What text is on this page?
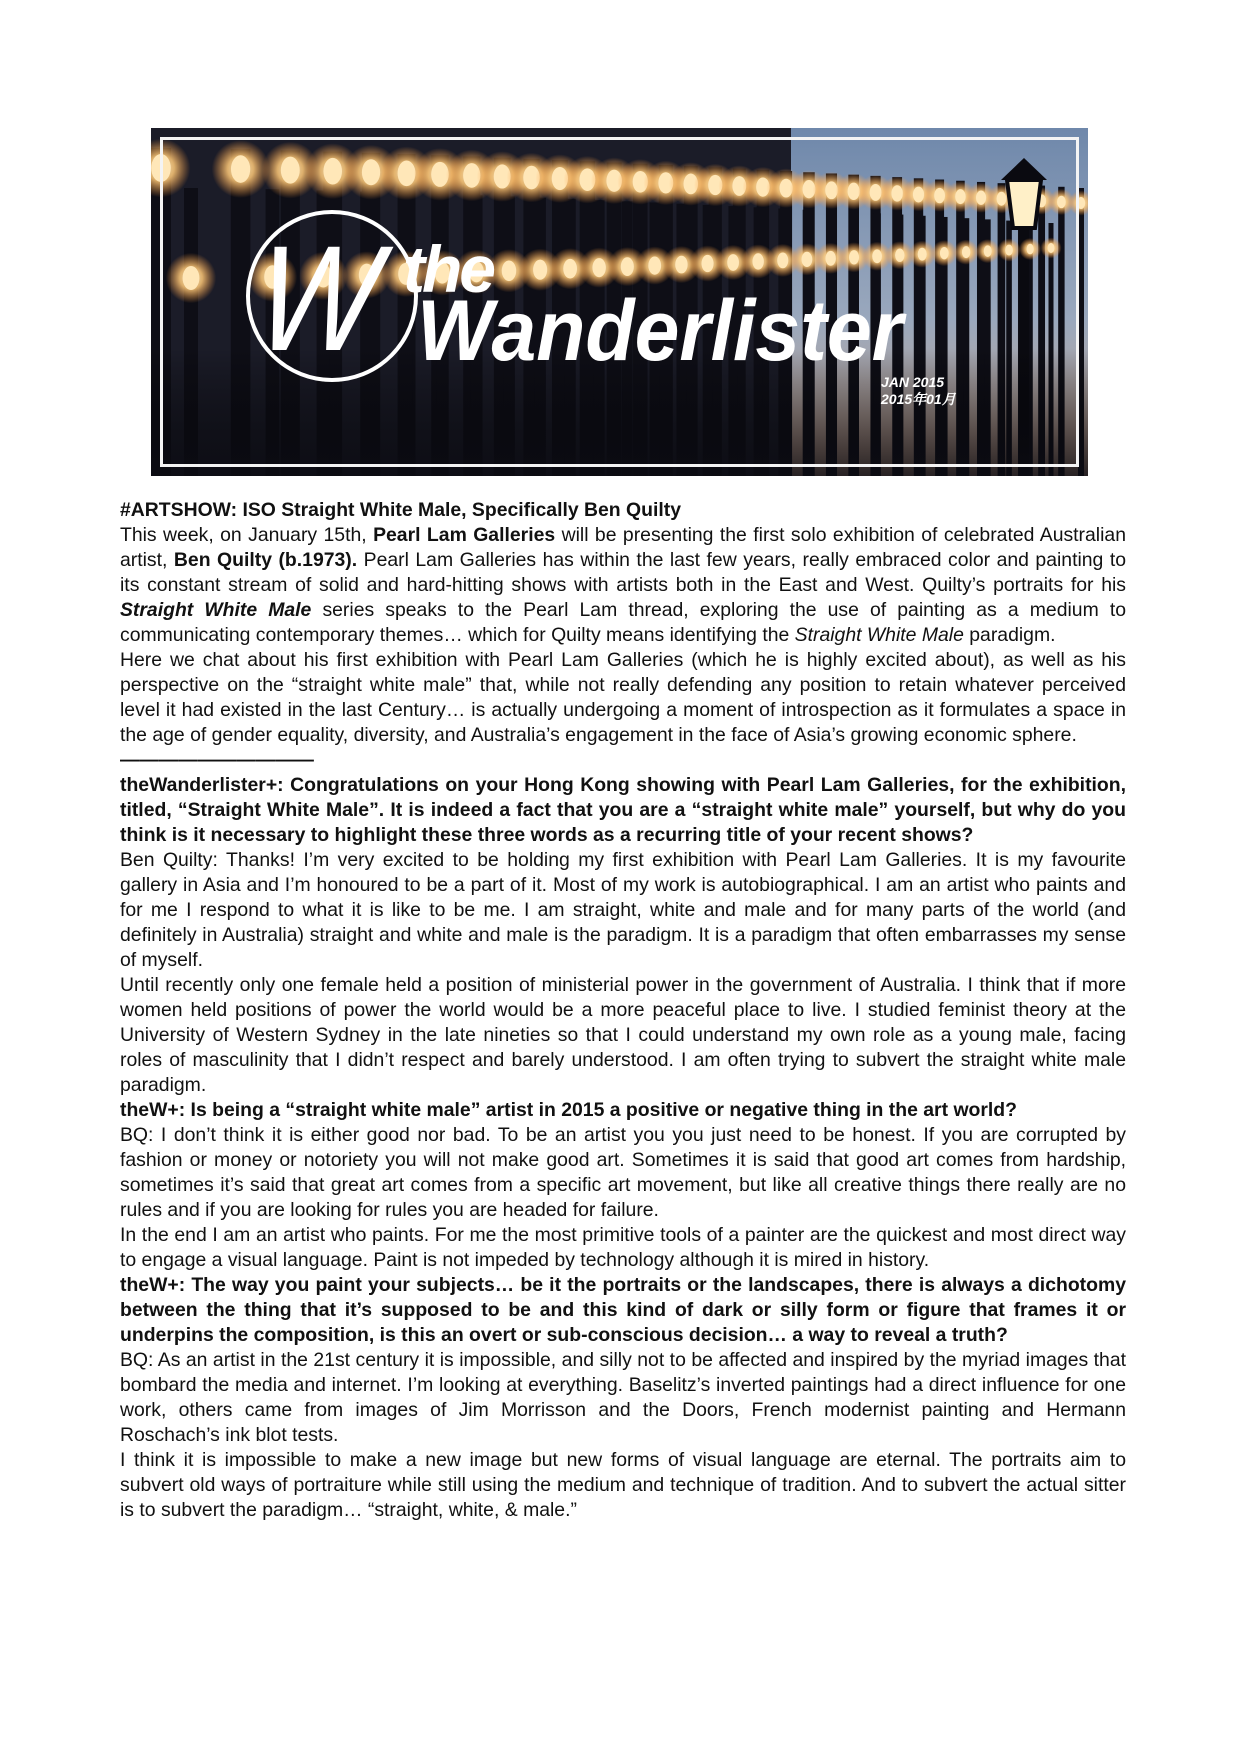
W
the
Wanderlister
JAN 2015
2015年01月

#ARTSHOW: ISO Straight White Male, Specifically Ben Quilty

This week, on January 15th, Pearl Lam Galleries will be presenting the first solo exhibition of celebrated Australian artist, Ben Quilty (b.1973). Pearl Lam Galleries has within the last few years, really embraced color and painting to its constant stream of solid and hard-hitting shows with artists both in the East and West. Quilty’s portraits for his Straight White Male series speaks to the Pearl Lam thread, exploring the use of painting as a medium to communicating contemporary themes… which for Quilty means identifying the Straight White Male paradigm.

Here we chat about his first exhibition with Pearl Lam Galleries (which he is highly excited about), as well as his perspective on the “straight white male” that, while not really defending any position to retain whatever perceived level it had existed in the last Century… is actually undergoing a moment of introspection as it formulates a space in the age of gender equality, diversity, and Australia’s engagement in the face of Asia’s growing economic sphere.

——————————

theWanderlister+: Congratulations on your Hong Kong showing with Pearl Lam Galleries, for the exhibition, titled, “Straight White Male”. It is indeed a fact that you are a “straight white male” yourself, but why do you think is it necessary to highlight these three words as a recurring title of your recent shows?

Ben Quilty: Thanks! I’m very excited to be holding my first exhibition with Pearl Lam Galleries. It is my favourite gallery in Asia and I’m honoured to be a part of it. Most of my work is autobiographical. I am an artist who paints and for me I respond to what it is like to be me. I am straight, white and male and for many parts of the world (and definitely in Australia) straight and white and male is the paradigm. It is a paradigm that often embarrasses my sense of myself.

Until recently only one female held a position of ministerial power in the government of Australia. I think that if more women held positions of power the world would be a more peaceful place to live. I studied feminist theory at the University of Western Sydney in the late nineties so that I could understand my own role as a young male, facing roles of masculinity that I didn’t respect and barely understood. I am often trying to subvert the straight white male paradigm.

theW+: Is being a “straight white male” artist in 2015 a positive or negative thing in the art world?

BQ: I don’t think it is either good nor bad. To be an artist you you just need to be honest. If you are corrupted by fashion or money or notoriety you will not make good art. Sometimes it is said that good art comes from hardship, sometimes it’s said that great art comes from a specific art movement, but like all creative things there really are no rules and if you are looking for rules you are headed for failure.

In the end I am an artist who paints. For me the most primitive tools of a painter are the quickest and most direct way to engage a visual language. Paint is not impeded by technology although it is mired in history.

theW+: The way you paint your subjects… be it the portraits or the landscapes, there is always a dichotomy between the thing that it’s supposed to be and this kind of dark or silly form or figure that frames it or underpins the composition, is this an overt or sub-conscious decision… a way to reveal a truth?

BQ: As an artist in the 21st century it is impossible, and silly not to be affected and inspired by the myriad images that bombard the media and internet. I’m looking at everything. Baselitz’s inverted paintings had a direct influence for one work, others came from images of Jim Morrisson and the Doors, French modernist painting and Hermann Roschach’s ink blot tests.

I think it is impossible to make a new image but new forms of visual language are eternal. The portraits aim to subvert old ways of portraiture while still using the medium and technique of tradition. And to subvert the actual sitter is to subvert the paradigm… “straight, white, & male.”
